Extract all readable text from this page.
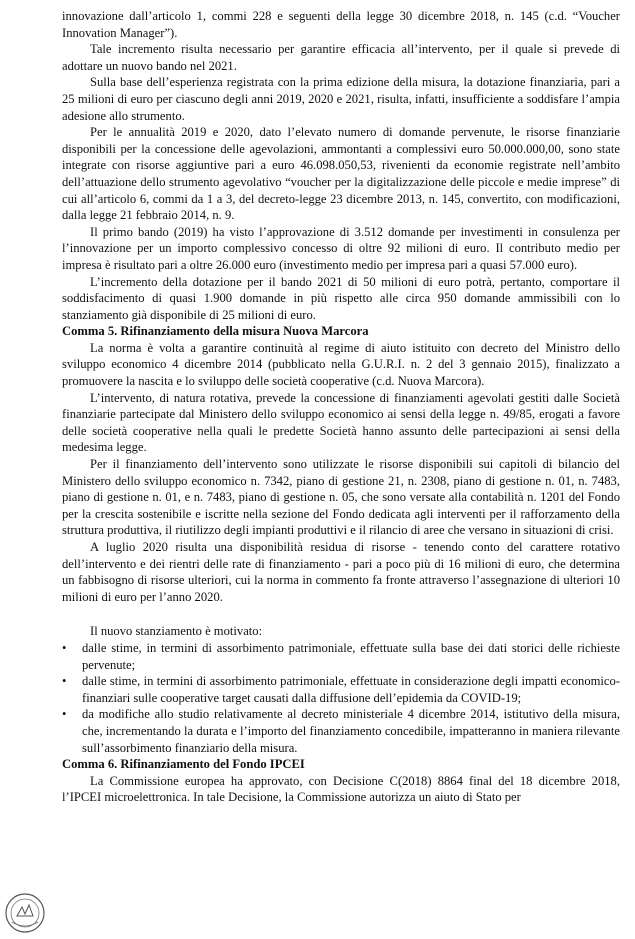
innovazione dall’articolo 1, commi 228 e seguenti della legge 30 dicembre 2018, n. 145 (c.d. “Voucher Innovation Manager”).

Tale incremento risulta necessario per garantire efficacia all’intervento, per il quale si prevede di adottare un nuovo bando nel 2021.

Sulla base dell’esperienza registrata con la prima edizione della misura, la dotazione finanziaria, pari a 25 milioni di euro per ciascuno degli anni 2019, 2020 e 2021, risulta, infatti, insufficiente a soddisfare l’ampia adesione allo strumento.

Per le annualità 2019 e 2020, dato l’elevato numero di domande pervenute, le risorse finanziarie disponibili per la concessione delle agevolazioni, ammontanti a complessivi euro 50.000.000,00, sono state integrate con risorse aggiuntive pari a euro 46.098.050,53, rivenienti da economie registrate nell’ambito dell’attuazione dello strumento agevolativo “voucher per la digitalizzazione delle piccole e medie imprese” di cui all’articolo 6, commi da 1 a 3, del decreto-legge 23 dicembre 2013, n. 145, convertito, con modificazioni, dalla legge 21 febbraio 2014, n. 9.

Il primo bando (2019) ha visto l’approvazione di 3.512 domande per investimenti in consulenza per l’innovazione per un importo complessivo concesso di oltre 92 milioni di euro. Il contributo medio per impresa è risultato pari a oltre 26.000 euro (investimento medio per impresa pari a quasi 57.000 euro).

L’incremento della dotazione per il bando 2021 di 50 milioni di euro potrà, pertanto, comportare il soddisfacimento di quasi 1.900 domande in più rispetto alle circa 950 domande ammissibili con lo stanziamento già disponibile di 25 milioni di euro.

Comma 5. Rifinanziamento della misura Nuova Marcora

La norma è volta a garantire continuità al regime di aiuto istituito con decreto del Ministro dello sviluppo economico 4 dicembre 2014 (pubblicato nella G.U.R.I. n. 2 del 3 gennaio 2015), finalizzato a promuovere la nascita e lo sviluppo delle società cooperative (c.d. Nuova Marcora).

L’intervento, di natura rotativa, prevede la concessione di finanziamenti agevolati gestiti dalle Società finanziarie partecipate dal Ministero dello sviluppo economico ai sensi della legge n. 49/85, erogati a favore delle società cooperative nella quali le predette Società hanno assunto delle partecipazioni ai sensi della medesima legge.

Per il finanziamento dell’intervento sono utilizzate le risorse disponibili sui capitoli di bilancio del Ministero dello sviluppo economico n. 7342, piano di gestione 21, n. 2308, piano di gestione n. 01, n. 7483, piano di gestione n. 01, e n. 7483, piano di gestione n. 05, che sono versate alla contabilità n. 1201 del Fondo per la crescita sostenibile e iscritte nella sezione del Fondo dedicata agli interventi per il rafforzamento della struttura produttiva, il riutilizzo degli impianti produttivi e il rilancio di aree che versano in situazioni di crisi.

A luglio 2020 risulta una disponibilità residua di risorse - tenendo conto del carattere rotativo dell’intervento e dei rientri delle rate di finanziamento - pari a poco più di 16 milioni di euro, che determina un fabbisogno di risorse ulteriori, cui la norma in commento fa fronte attraverso l’assegnazione di ulteriori 10 milioni di euro per l’anno 2020.

Il nuovo stanziamento è motivato:

• dalle stime, in termini di assorbimento patrimoniale, effettuate sulla base dei dati storici delle richieste pervenute;
• dalle stime, in termini di assorbimento patrimoniale, effettuate in considerazione degli impatti economico-finanziari sulle cooperative target causati dalla diffusione dell’epidemia da COVID-19;
• da modifiche allo studio relativamente al decreto ministeriale 4 dicembre 2014, istitutivo della misura, che, incrementando la durata e l’importo del finanziamento concedibile, impatteranno in maniera rilevante sull’assorbimento finanziario della misura.
Comma 6. Rifinanziamento del Fondo IPCEI

La Commissione europea ha approvato, con Decisione C(2018) 8864 final del 18 dicembre 2018, l’IPCEI microelettronica. In tale Decisione, la Commissione autorizza un aiuto di Stato per
